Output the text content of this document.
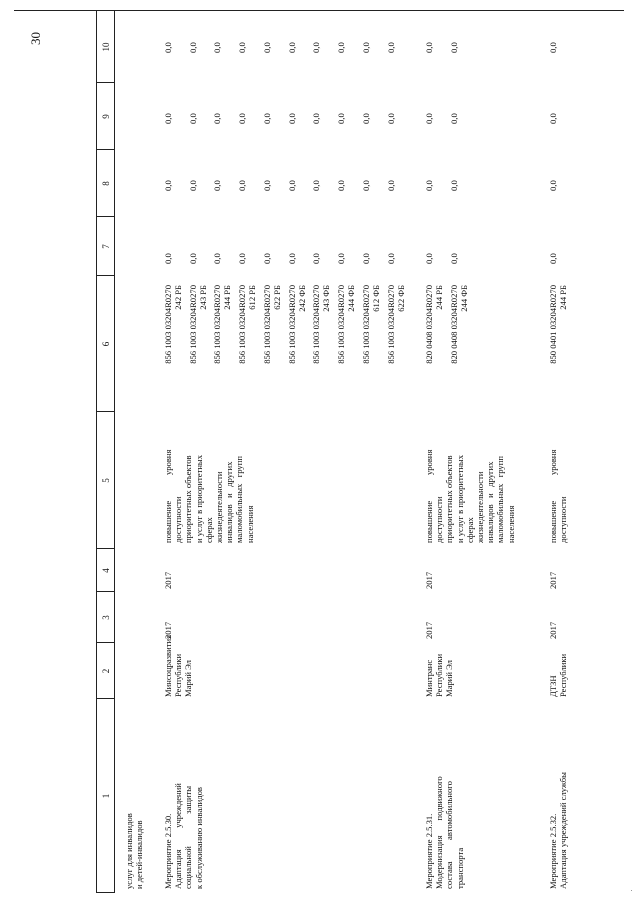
30
1
2
3
4
5
6
7
8
9
10
услуг для инвалидов
и детей-инвалидов Мероприятие 2.5.30.
Адаптация          учреждений
социальной               защиты
к обслуживанию инвалидов
Минсоцразвития
Республики
Марий Эл
2017
2017
повышение            уровня
доступности
приоритетных объектов
и услуг в приоритетных
сферах
жизнедеятельности
инвалидов   и   других
маломобильных   групп
населения
856 1003 03204R0270
242 РБ
856 1003 03204R0270
243 РБ
856 1003 03204R0270
244 РБ
856 1003 03204R0270
612 РБ
856 1003 03204R0270
622 РБ
856 1003 03204R0270
242 ФБ
856 1003 03204R0270
243 ФБ
856 1003 03204R0270
244 ФБ
856 1003 03204R0270
612 ФБ
856 1003 03204R0270
622 ФБ
0,0 0,0 0,0 0,0 0,0 0,0 0,0 0,0 0,0 0,0
0,0 0,0 0,0 0,0 0,0 0,0 0,0 0,0 0,0 0,0
0,0 0,0 0,0 0,0 0,0 0,0 0,0 0,0 0,0 0,0
0,0 0,0 0,0 0,0 0,0 0,0 0,0 0,0 0,0 0,0
Мероприятие 2.5.31.
Модернизация       подвижного
состава          автомобильного
транспорта
Минтранс
Республики
Марий Эл
2017
2017
повышение            уровня
доступности
приоритетных объектов
и услуг в приоритетных
сферах
жизнедеятельности
инвалидов   и   других
маломобильных   групп
населения
820 0408 03204R0270
244 РБ
820 0408 03204R0270
244 ФБ
0,0 0,0
0,0 0,0
0,0 0,0
0,0 0,0
Мероприятие 2.5.32.
Адаптация учреждений службы
ДТЗН
Республики
2017
2017
повышение            уровня
доступности
850 0401 03204R0270
244 РБ
0,0
0,0
0,0
0,0
